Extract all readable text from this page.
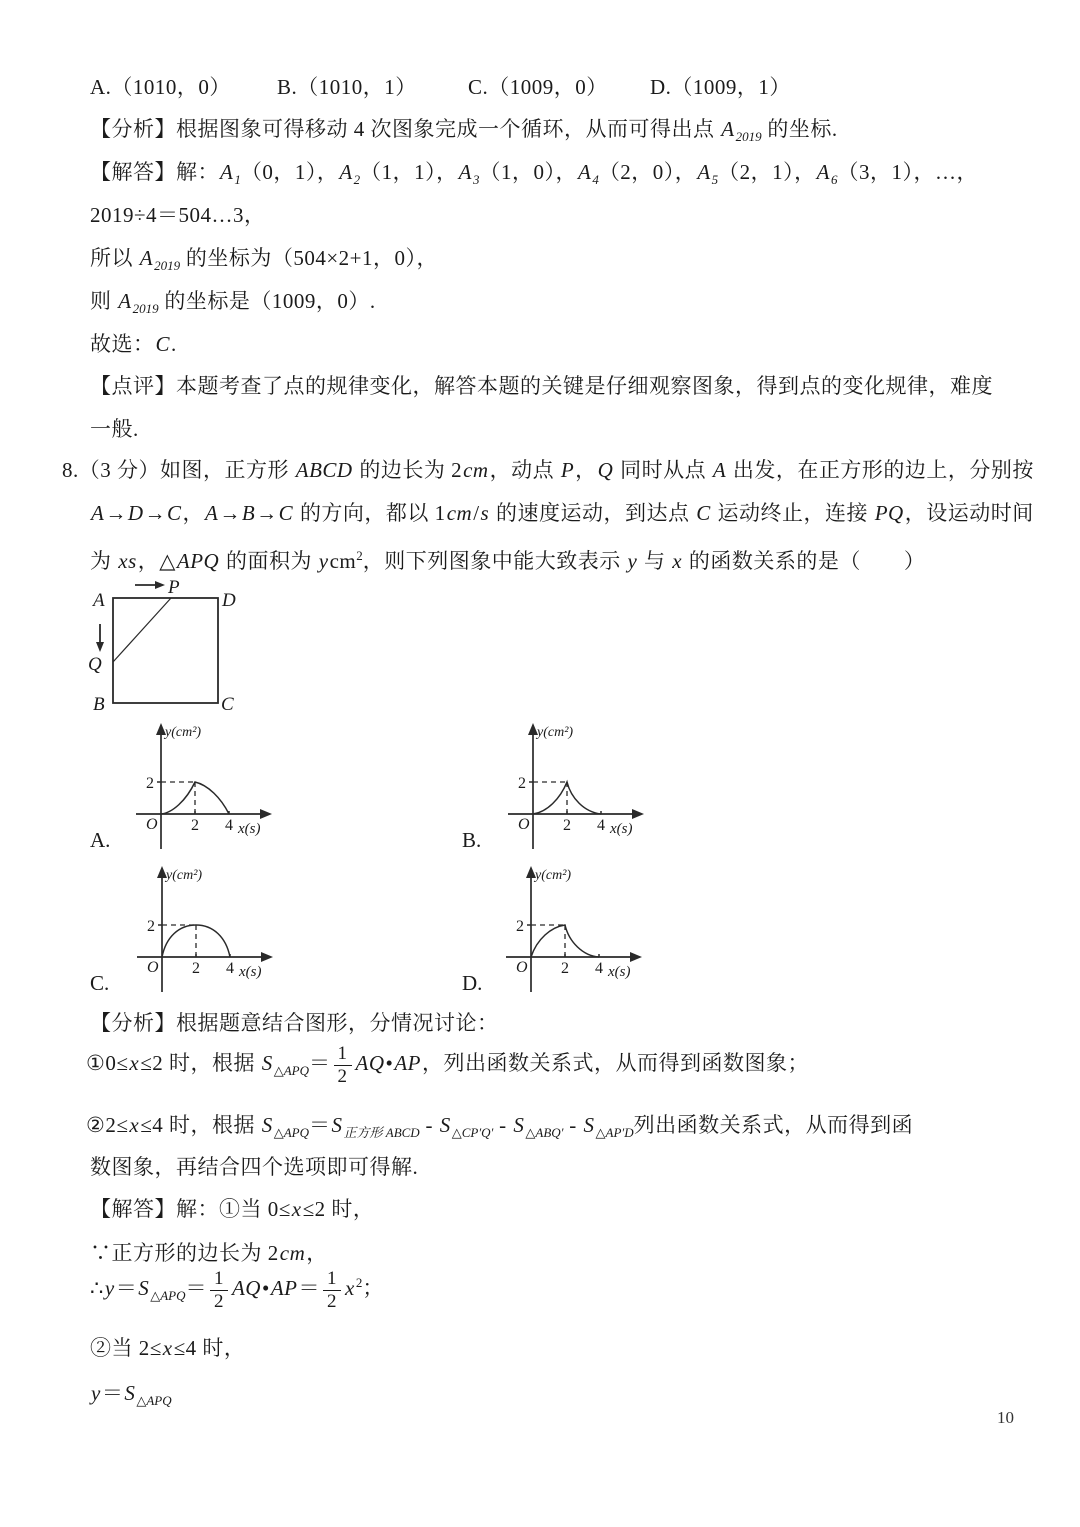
A.（1010，0） B.（1010，1） C.（1009，0） D.（1009，1）
【分析】根据图象可得移动 4 次图象完成一个循环，从而可得出点 $A_{2019}$ 的坐标.
【解答】解：$A_1(0$，1），$A_2(1$，1），$A_3(1$，0），$A_4(2$，0），$A_5(2$，1），$A_6(3$，1），…，
2019÷4＝504…3，
所以 $A_{2019}$ 的坐标为（504×2+1，0），
则 $A_{2019}$ 的坐标是（1009，0）.
故选：C.
【点评】本题考查了点的规律变化，解答本题的关键是仔细观察图象，得到点的变化规律，难度
一般.
8.（3 分）如图，正方形 ABCD 的边长为 2cm，动点 P，Q 同时从点 A 出发，在正方形的边上，分别按
A→D→C，A→B→C 的方向，都以 1cm/s 的速度运动，到达点 C 运动终止，连接 PQ，设运动时间
为 xs，△APQ 的面积为 ycm$^2$，则下列图象中能大致表示 y 与 x 的函数关系的是（　　）
【分析】根据题意结合图形，分情况讨论：
①0≤x≤2 时，根据 $S_{\triangle APQ}= \frac{1}{2}$ AQ•AP，列出函数关系式，从而得到函数图象；
②2≤x≤4 时，根据 $S_{\triangle APQ}=S_{正方形 ABCD} - S_{\triangle CP'Q'} - S_{\triangle ABQ'} - S_{\triangle AP'D}$列出函数关系式，从而得到函
数图象，再结合四个选项即可得解.
【解答】解：①当 0≤x≤2 时，
∵正方形的边长为 2cm，
$\therefore y=S_{\triangle APQ}= \frac{1}{2}$ AQ•AP＝ $\frac{1}{2} x^2$；
②当 2≤x≤4 时，
$y=S_{\triangle APQ}$
A	D
B	C
P
Q
y(cm²)
x(s)
O 2 4
2
A.
y(cm²)
x(s)
O 2 4
2
B.
y(cm²)
x(s)
O 2 4
2
C.
y(cm²)
x(s)
O 2 4
2
D.
10
